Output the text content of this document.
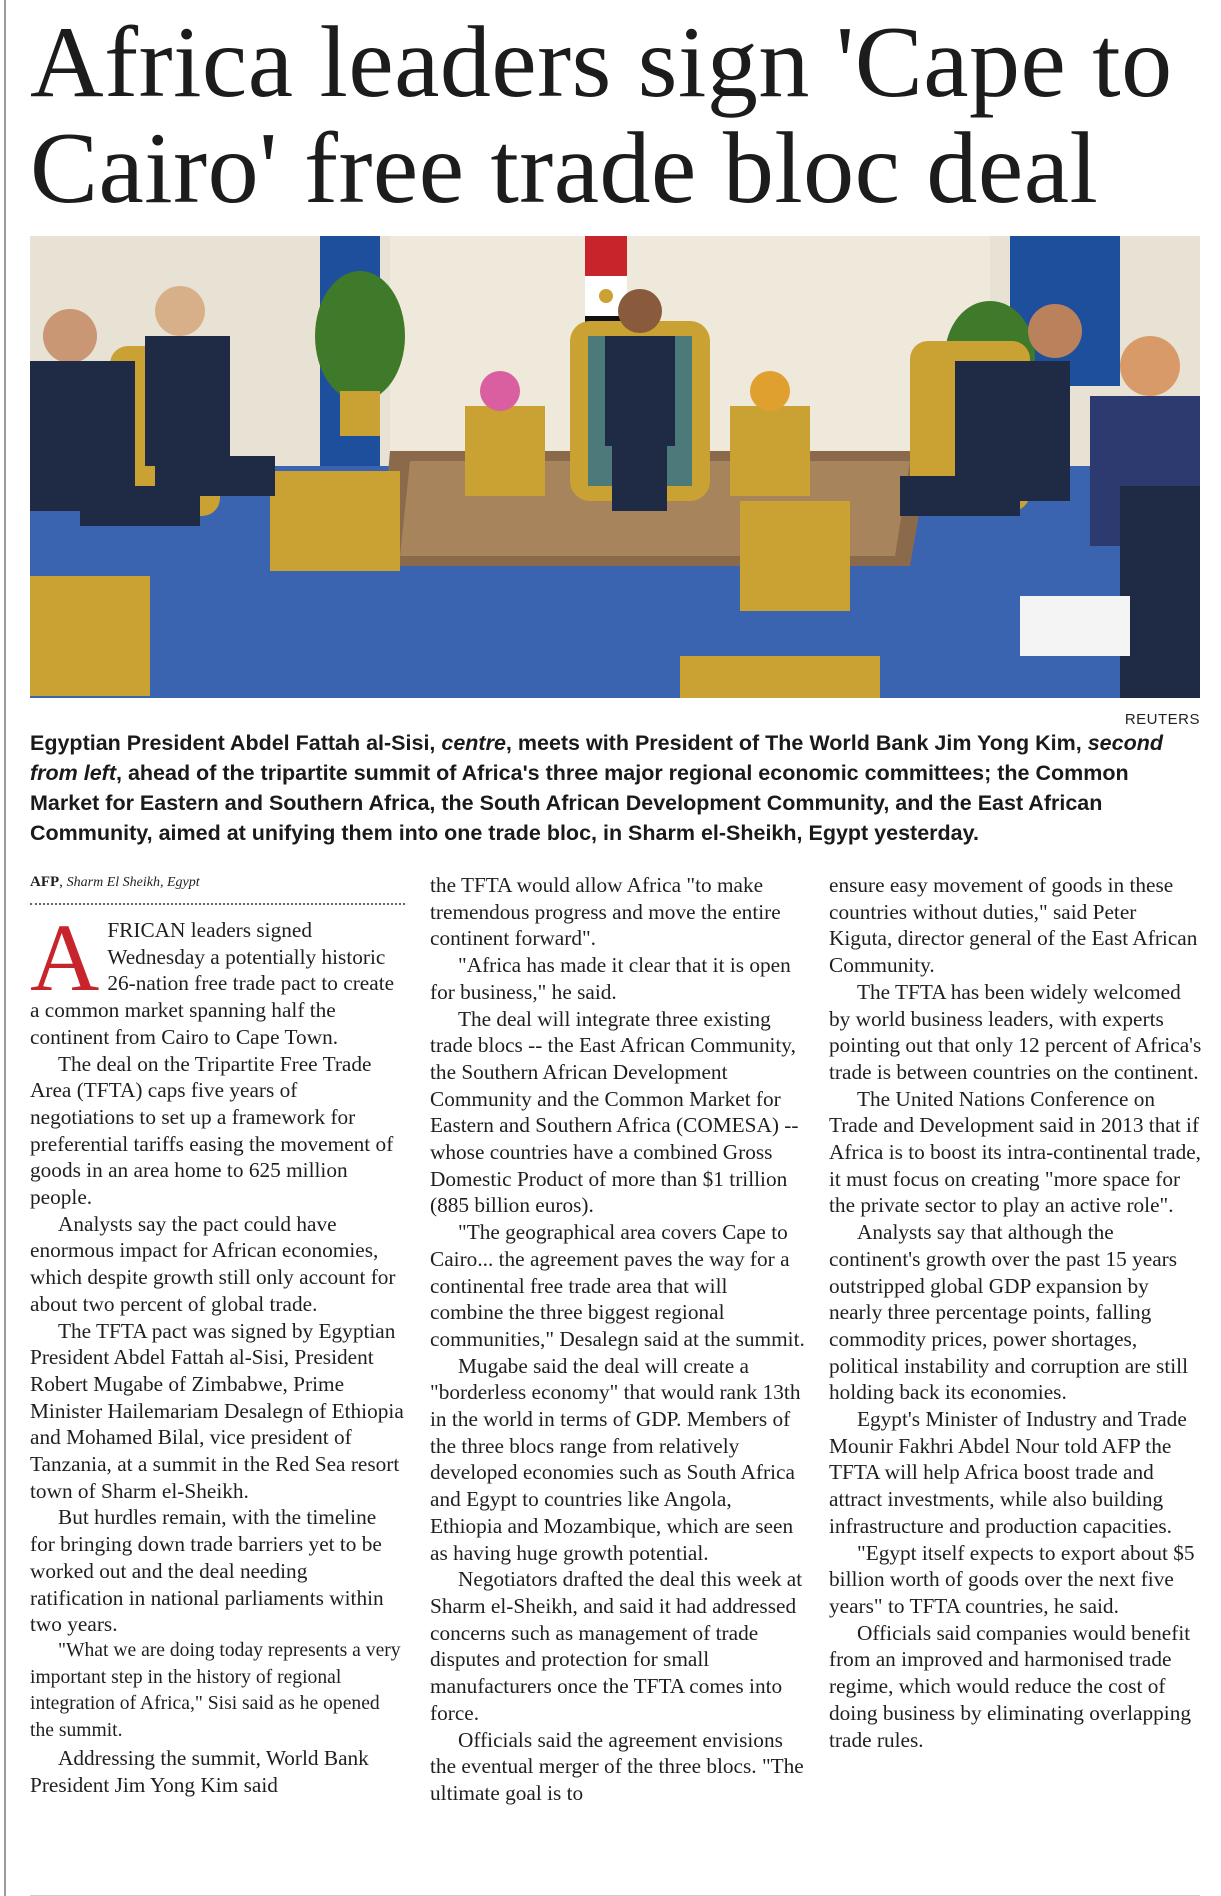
Africa leaders sign 'Cape to Cairo' free trade bloc deal
REUTERS
Egyptian President Abdel Fattah al-Sisi, centre, meets with President of The World Bank Jim Yong Kim, second from left, ahead of the tripartite summit of Africa's three major regional economic committees; the Common Market for Eastern and Southern Africa, the South African Development Community, and the East African Community, aimed at unifying them into one trade bloc, in Sharm el-Sheikh, Egypt yesterday.
AFP, Sharm El Sheikh, Egypt

AFRICAN leaders signed Wednesday a potentially historic 26-nation free trade pact to create a common market spanning half the continent from Cairo to Cape Town.

The deal on the Tripartite Free Trade Area (TFTA) caps five years of negotiations to set up a framework for preferential tariffs easing the movement of goods in an area home to 625 million people.

Analysts say the pact could have enormous impact for African economies, which despite growth still only account for about two percent of global trade.

The TFTA pact was signed by Egyptian President Abdel Fattah al-Sisi, President Robert Mugabe of Zimbabwe, Prime Minister Hailemariam Desalegn of Ethiopia and Mohamed Bilal, vice president of Tanzania, at a summit in the Red Sea resort town of Sharm el-Sheikh.

But hurdles remain, with the timeline for bringing down trade barriers yet to be worked out and the deal needing ratification in national parliaments within two years.

"What we are doing today represents a very important step in the history of regional integration of Africa," Sisi said as he opened the summit.

Addressing the summit, World Bank President Jim Yong Kim said

the TFTA would allow Africa "to make tremendous progress and move the entire continent forward".

"Africa has made it clear that it is open for business," he said.

The deal will integrate three existing trade blocs -- the East African Community, the Southern African Development Community and the Common Market for Eastern and Southern Africa (COMESA) -- whose countries have a combined Gross Domestic Product of more than $1 trillion (885 billion euros).

"The geographical area covers Cape to Cairo... the agreement paves the way for a continental free trade area that will combine the three biggest regional communities," Desalegn said at the summit.

Mugabe said the deal will create a "borderless economy" that would rank 13th in the world in terms of GDP. Members of the three blocs range from relatively developed economies such as South Africa and Egypt to countries like Angola, Ethiopia and Mozambique, which are seen as having huge growth potential.

Negotiators drafted the deal this week at Sharm el-Sheikh, and said it had addressed concerns such as management of trade disputes and protection for small manufacturers once the TFTA comes into force.

Officials said the agreement envisions the eventual merger of the three blocs. "The ultimate goal is to

ensure easy movement of goods in these countries without duties," said Peter Kiguta, director general of the East African Community.

The TFTA has been widely welcomed by world business leaders, with experts pointing out that only 12 percent of Africa's trade is between countries on the continent.

The United Nations Conference on Trade and Development said in 2013 that if Africa is to boost its intra-continental trade, it must focus on creating "more space for the private sector to play an active role".

Analysts say that although the continent's growth over the past 15 years outstripped global GDP expansion by nearly three percentage points, falling commodity prices, power shortages, political instability and corruption are still holding back its economies.

Egypt's Minister of Industry and Trade Mounir Fakhri Abdel Nour told AFP the TFTA will help Africa boost trade and attract investments, while also building infrastructure and production capacities.

"Egypt itself expects to export about $5 billion worth of goods over the next five years" to TFTA countries, he said.

Officials said companies would benefit from an improved and harmonised trade regime, which would reduce the cost of doing business by eliminating overlapping trade rules.
